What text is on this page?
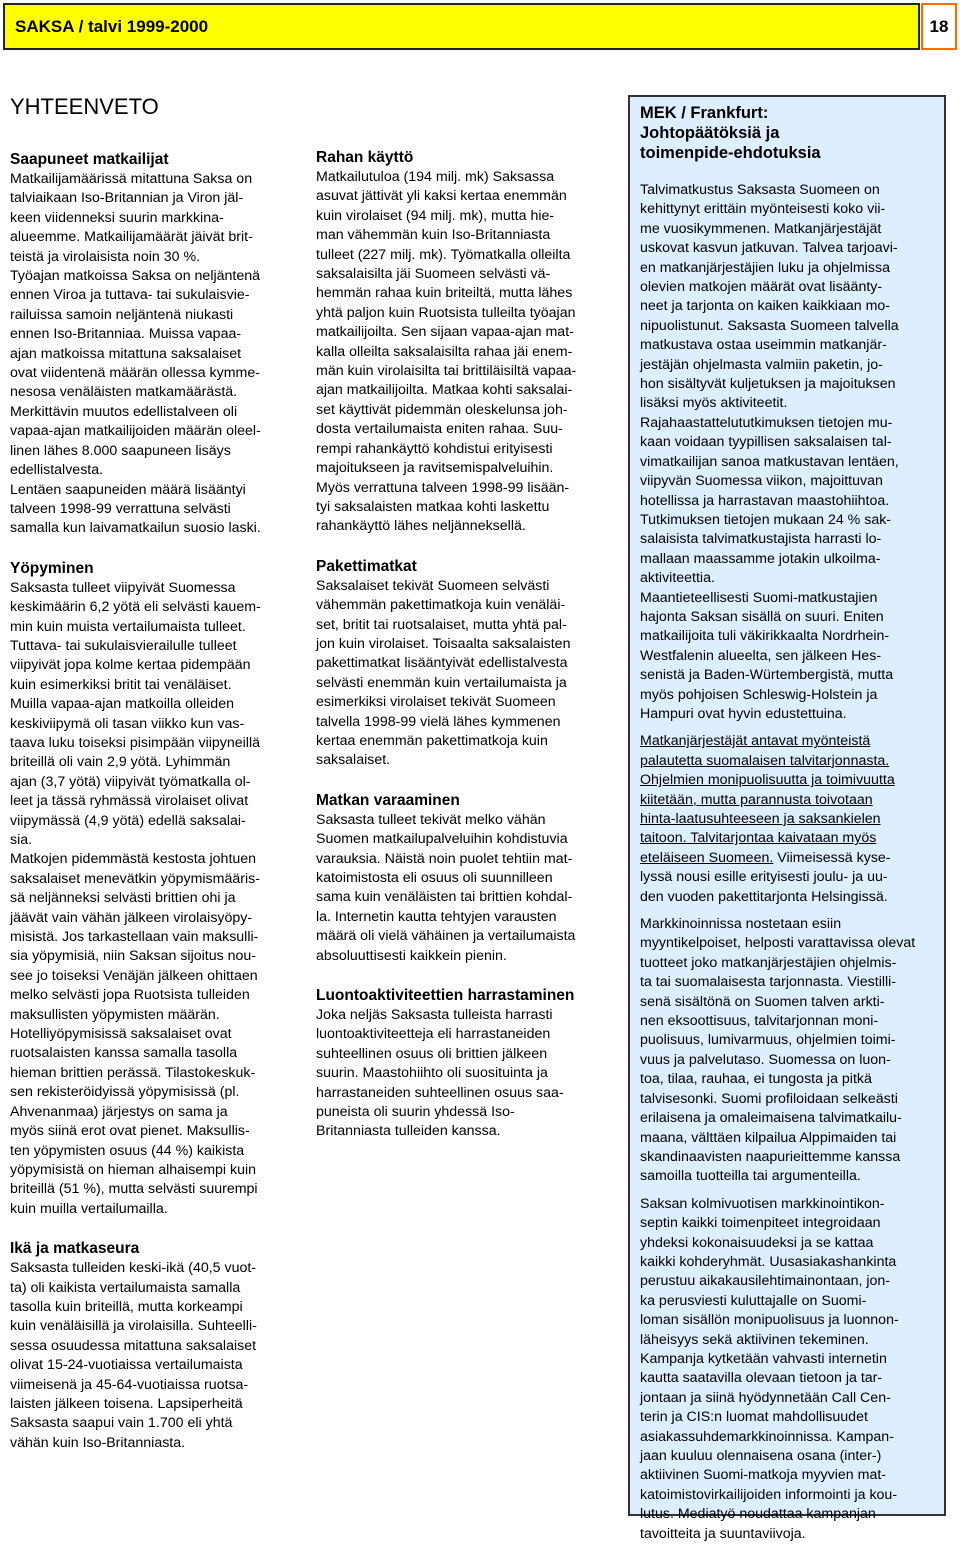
SAKSA / talvi 1999-2000	18
YHTEENVETO
Saapuneet matkailijat

Matkailijamäärissä mitattuna Saksa on
talviaikaan Iso-Britannian ja Viron jäl-
keen viidenneksi suurin markkina-
alueemme. Matkailijamäärät jäivät brit-
teistä ja virolaisista noin 30 %.
Työajan matkoissa Saksa on neljäntenä
ennen Viroa ja tuttava- tai sukulaisvie-
railuissa samoin neljäntenä niukasti
ennen Iso-Britanniaa. Muissa vapaa-
ajan matkoissa mitattuna saksalaiset
ovat viidentenä määrän ollessa kymme-
nesosa venäläisten matkamäärästä.
Merkittävin muutos edellistalveen oli
vapaa-ajan matkailijoiden määrän oleel-
linen lähes 8.000 saapuneen lisäys
edellistalvesta.
Lentäen saapuneiden määrä lisääntyi
talveen 1998-99 verrattuna selvästi
samalla kun laivamatkailun suosio laski.

Yöpyminen

Saksasta tulleet viipyivät Suomessa
keskimäärin 6,2 yötä eli selvästi kauem-
min kuin muista vertailumaista tulleet.
Tuttava- tai sukulaisvierailulle tulleet
viipyivät jopa kolme kertaa pidempään
kuin esimerkiksi britit tai venäläiset.
Muilla vapaa-ajan matkoilla olleiden
keskiviipymä oli tasan viikko kun vas-
taava luku toiseksi pisimpään viipyneillä
briteillä oli vain 2,9 yötä. Lyhimmän
ajan (3,7 yötä) viipyivät työmatkalla ol-
leet ja tässä ryhmässä virolaiset olivat
viipymässä (4,9 yötä) edellä saksalai-
sia.
Matkojen pidemmästä kestosta johtuen
saksalaiset menevätkin yöpymismääris-
sä neljänneksi selvästi brittien ohi ja
jäävät vain vähän jälkeen virolaisyöpy-
misistä. Jos tarkastellaan vain maksulli-
sia yöpymisiä, niin Saksan sijoitus nou-
see jo toiseksi Venäjän jälkeen ohittaen
melko selvästi jopa Ruotsista tulleiden
maksullisten yöpymisten määrän.
Hotelliyöpymisissä saksalaiset ovat
ruotsalaisten kanssa samalla tasolla
hieman brittien perässä. Tilastokeskuk-
sen rekisteröidyissä yöpymisissä (pl.
Ahvenanmaa) järjestys on sama ja
myös siinä erot ovat pienet. Maksullis-
ten yöpymisten osuus (44 %) kaikista
yöpymisistä on hieman alhaisempi kuin
briteillä (51 %), mutta selvästi suurempi
kuin muilla vertailumailla.

Ikä ja matkaseura

Saksasta tulleiden keski-ikä (40,5 vuot-
ta) oli kaikista vertailumaista samalla
tasolla kuin briteillä, mutta korkeampi
kuin venäläisillä ja virolaisilla. Suhteelli-
sessa osuudessa mitattuna saksalaiset
olivat 15-24-vuotiaissa vertailumaista
viimeisenä ja 45-64-vuotiaissa ruotsa-
laisten jälkeen toisena. Lapsiperheitä
Saksasta saapui vain 1.700 eli yhtä
vähän kuin Iso-Britanniasta.

Rahan käyttö

Matkailutuloa (194 milj. mk) Saksassa
asuvat jättivät yli kaksi kertaa enemmän
kuin virolaiset (94 milj. mk), mutta hie-
man vähemmän kuin Iso-Britanniasta
tulleet (227 milj. mk). Työmatkalla olleilta
saksalaisilta jäi Suomeen selvästi vä-
hemmän rahaa kuin briteiltä, mutta lähes
yhtä paljon kuin Ruotsista tulleilta työajan
matkailijoilta. Sen sijaan vapaa-ajan mat-
kalla olleilta saksalaisilta rahaa jäi enem-
män kuin virolaisilta tai brittiläisiltä vapaa-
ajan matkailijoilta. Matkaa kohti saksalai-
set käyttivät pidemmän oleskelunsa joh-
dosta vertailumaista eniten rahaa. Suu-
rempi rahankäyttö kohdistui erityisesti
majoitukseen ja ravitsemispalveluihin.
Myös verrattuna talveen 1998-99 lisään-
tyi saksalaisten matkaa kohti laskettu
rahankäyttö lähes neljänneksellä.

Pakettimatkat

Saksalaiset tekivät Suomeen selvästi
vähemmän pakettimatkoja kuin venäläi-
set, britit tai ruotsalaiset, mutta yhtä pal-
jon kuin virolaiset. Toisaalta saksalaisten
pakettimatkat lisääntyivät edellistalvesta
selvästi enemmän kuin vertailumaista ja
esimerkiksi virolaiset tekivät Suomeen
talvella 1998-99 vielä lähes kymmenen
kertaa enemmän pakettimatkoja kuin
saksalaiset.

Matkan varaaminen

Saksasta tulleet tekivät melko vähän
Suomen matkailupalveluihin kohdistuvia
varauksia. Näistä noin puolet tehtiin mat-
katoimistosta eli osuus oli suunnilleen
sama kuin venäläisten tai brittien kohdal-
la. Internetin kautta tehtyjen varausten
määrä oli vielä vähäinen ja vertailumaista
absoluuttisesti kaikkein pienin.

Luontoaktiviteettien harrastaminen

Joka neljäs Saksasta tulleista harrasti
luontoaktiviteetteja eli harrastaneiden
suhteellinen osuus oli brittien jälkeen
suurin. Maastohiihto oli suosituinta ja
harrastaneiden suhteellinen osuus saa-
puneista oli suurin yhdessä Iso-
Britanniasta tulleiden kanssa.

MEK / Frankfurt:
Johtopäätöksiä ja
toimenpide-ehdotuksia

Talvimatkustus Saksasta Suomeen on
kehittynyt erittäin myönteisesti koko vii-
me vuosikymmenen. Matkanjärjestäjät
uskovat kasvun jatkuvan. Talvea tarjoavi-
en matkanjärjestäjien luku ja ohjelmissa
olevien matkojen määrät ovat lisäänty-
neet ja tarjonta on kaiken kaikkiaan mo-
nipuolistunut. Saksasta Suomeen talvella
matkustava ostaa useimmin matkanjär-
jestäjän ohjelmasta valmiin paketin, jo-
hon sisältyvät kuljetuksen ja majoituksen
lisäksi myös aktiviteetit.
Rajahaastattelututkimuksen tietojen mu-
kaan voidaan tyypillisen saksalaisen tal-
vimatkailijan sanoa matkustavan lentäen,
viipyvän Suomessa viikon, majoittuvan
hotellissa ja harrastavan maastohiihtoa.
Tutkimuksen tietojen mukaan 24 % sak-
salaisista talvimatkustajista harrasti lo-
mallaan maassamme jotakin ulkoilma-
aktiviteettia.
Maantieteellisesti Suomi-matkustajien
hajonta Saksan sisällä on suuri. Eniten
matkailijoita tuli väkirikkaalta Nordrhein-
Westfalenin alueelta, sen jälkeen Hes-
senistä ja Baden-Würtembergistä, mutta
myös pohjoisen Schleswig-Holstein ja
Hampuri ovat hyvin edustettuina.

Matkanjärjestäjät antavat myönteistä
palautetta suomalaisen talvitarjonnasta.
Ohjelmien monipuolisuutta ja toimivuutta
kiitetään, mutta parannusta toivotaan
hinta-laatusuhteeseen ja saksankielen
taitoon. Talvitarjontaa kaivataan myös
eteläiseen Suomeen. Viimeisessä kyse-
lyssä nousi esille erityisesti joulu- ja uu-
den vuoden pakettitarjonta Helsingissä.

Markkinoinnissa nostetaan esiin myyntikelpoiset, helposti varattavissa olevat
tuotteet joko matkanjärjestäjien ohjelmis-
ta tai suomalaisesta tarjonnasta. Viestilli-
senä sisältönä on Suomen talven arkti-
nen eksoottisuus, talvitarjonnan moni-
puolisuus, lumivarmuus, ohjelmien toimi-
vuus ja palvelutaso. Suomessa on luon-
toa, tilaa, rauhaa, ei tungosta ja pitkä
talvisesonki. Suomi profiloidaan selkeästi
erilaisena ja omaleimaisena talvimatkailu-
maana, välttäen kilpailua Alppimaiden tai
skandinaavisten naapurieittemme kanssa
samoilla tuotteilla tai argumenteilla.

Saksan kolmivuotisen markkinointikon-
septin kaikki toimenpiteet integroidaan
yhdeksi kokonaisuudeksi ja se kattaa
kaikki kohderyhmät. Uusasiakashankinta
perustuu aikakausilehtimainontaan, jon-
ka perusviesti kuluttajalle on Suomi-
loman sisällön monipuolisuus ja luonnon-
läheisyys sekä aktiivinen tekeminen.
Kampanja kytketään vahvasti internetin
kautta saatavilla olevaan tietoon ja tar-
jontaan ja siinä hyödynnetään Call Cen-
terin ja CIS:n luomat mahdollisuudet
asiakassuhdemarkkinoinnissa. Kampan-
jaan kuuluu olennaisena osana (inter-)
aktiivinen Suomi-matkoja myyvien mat-
katoimistovirkailijoiden informointi ja kou-
lutus. Mediatyö noudattaa kampanjan
tavoitteita ja suuntaviivoja.
